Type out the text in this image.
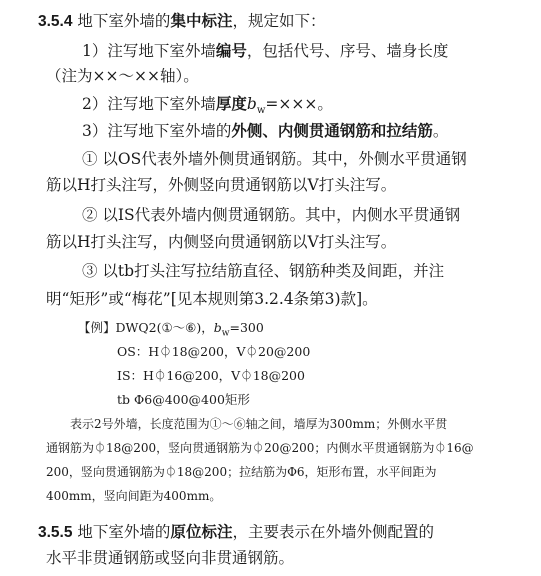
3.5.4 地下室外墙的集中标注，规定如下：
1）注写地下室外墙编号，包括代号、序号、墙身长度
（注为××～××轴）。
2）注写地下室外墙厚度$b_w=\times\times\times$。
3）注写地下室外墙的外侧、内侧贯通钢筋和拉结筋。
① 以OS代表外墙外侧贯通钢筋。其中，外侧水平贯通钢
筋以H打头注写，外侧竖向贯通钢筋以V打头注写。
② 以IS代表外墙内侧贯通钢筋。其中，内侧水平贯通钢
筋以H打头注写，内侧竖向贯通钢筋以V打头注写。
③ 以tb打头注写拉结筋直径、钢筋种类及间距，并注
明“矩形”或“梅花”[见本规则第3.2.4条第3)款]。
【例】DWQ2(①～⑥)，$b_w=300$
OS：H⏀18@200，V⏀20@200
IS：H⏀16@200，V⏀18@200
tb Φ6@400@400矩形
表示2号外墙，长度范围为①～⑥轴之间，墙厚为300mm；外侧水平贯
通钢筋为⏀18@200，竖向贯通钢筋为⏀20@200；内侧水平贯通钢筋为⏀16@
200，竖向贯通钢筋为⏀18@200；拉结筋为Φ6，矩形布置，水平间距为
400mm，竖向间距为400mm。
3.5.5 地下室外墙的原位标注，主要表示在外墙外侧配置的
水平非贯通钢筋或竖向非贯通钢筋。
